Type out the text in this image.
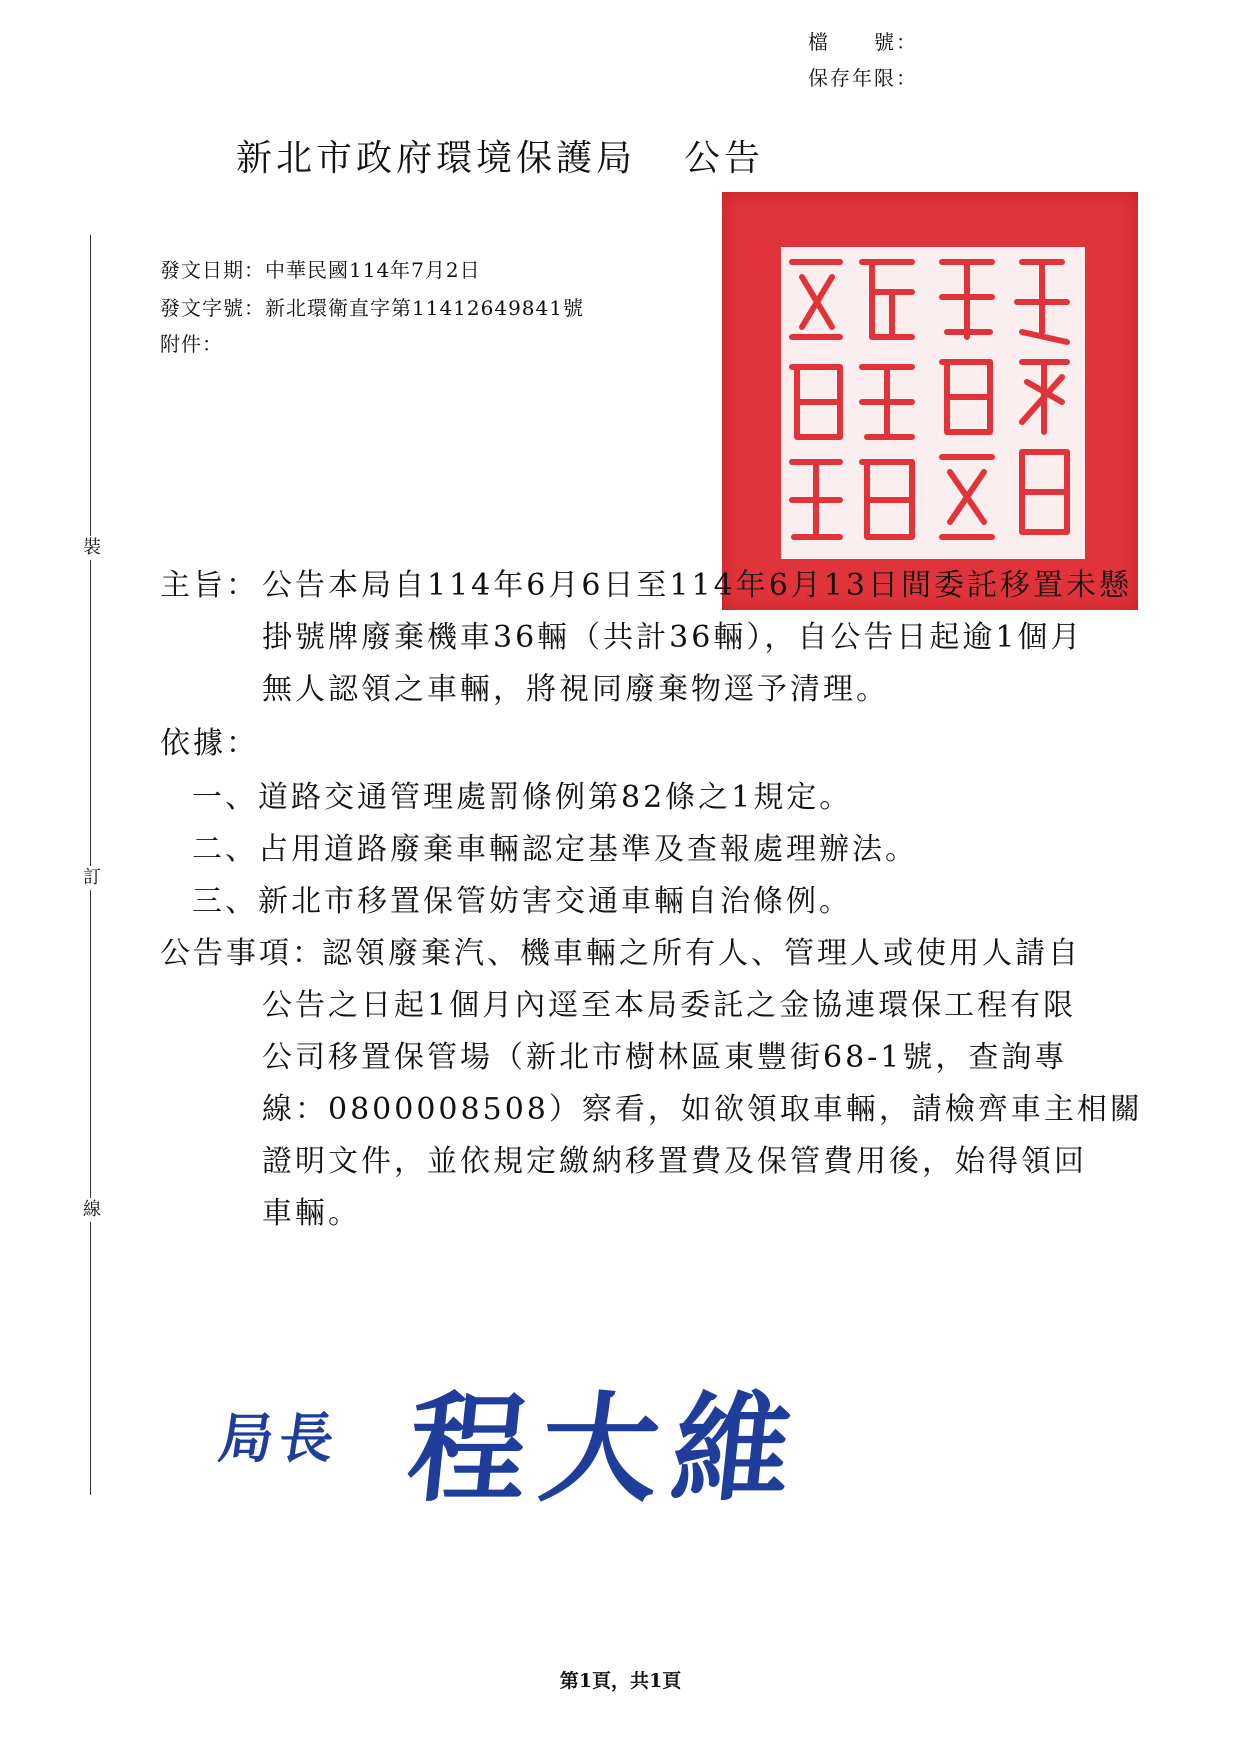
檔　　號：
保存年限：
新北市政府環境保護局 公告
裝
訂
線
發文日期：中華民國114年7月2日
發文字號：新北環衛直字第11412649841號
附件：
主旨： 公告本局自114年6月6日至114年6月13日間委託移置未懸
掛號牌廢棄機車36輛（共計36輛），自公告日起逾1個月
無人認領之車輛，將視同廢棄物逕予清理。
依據：
一、道路交通管理處罰條例第82條之1規定。
二、占用道路廢棄車輛認定基準及查報處理辦法。
三、新北市移置保管妨害交通車輛自治條例。
公告事項：
認領廢棄汽、機車輛之所有人、管理人或使用人請自
公告之日起1個月內逕至本局委託之金協連環保工程有限
公司移置保管場（新北市樹林區東豐街68-1號，查詢專
線：0800008508）察看，如欲領取車輛，請檢齊車主相關
證明文件，並依規定繳納移置費及保管費用後，始得領回
車輛。
局長 程大維
第1頁，共1頁
